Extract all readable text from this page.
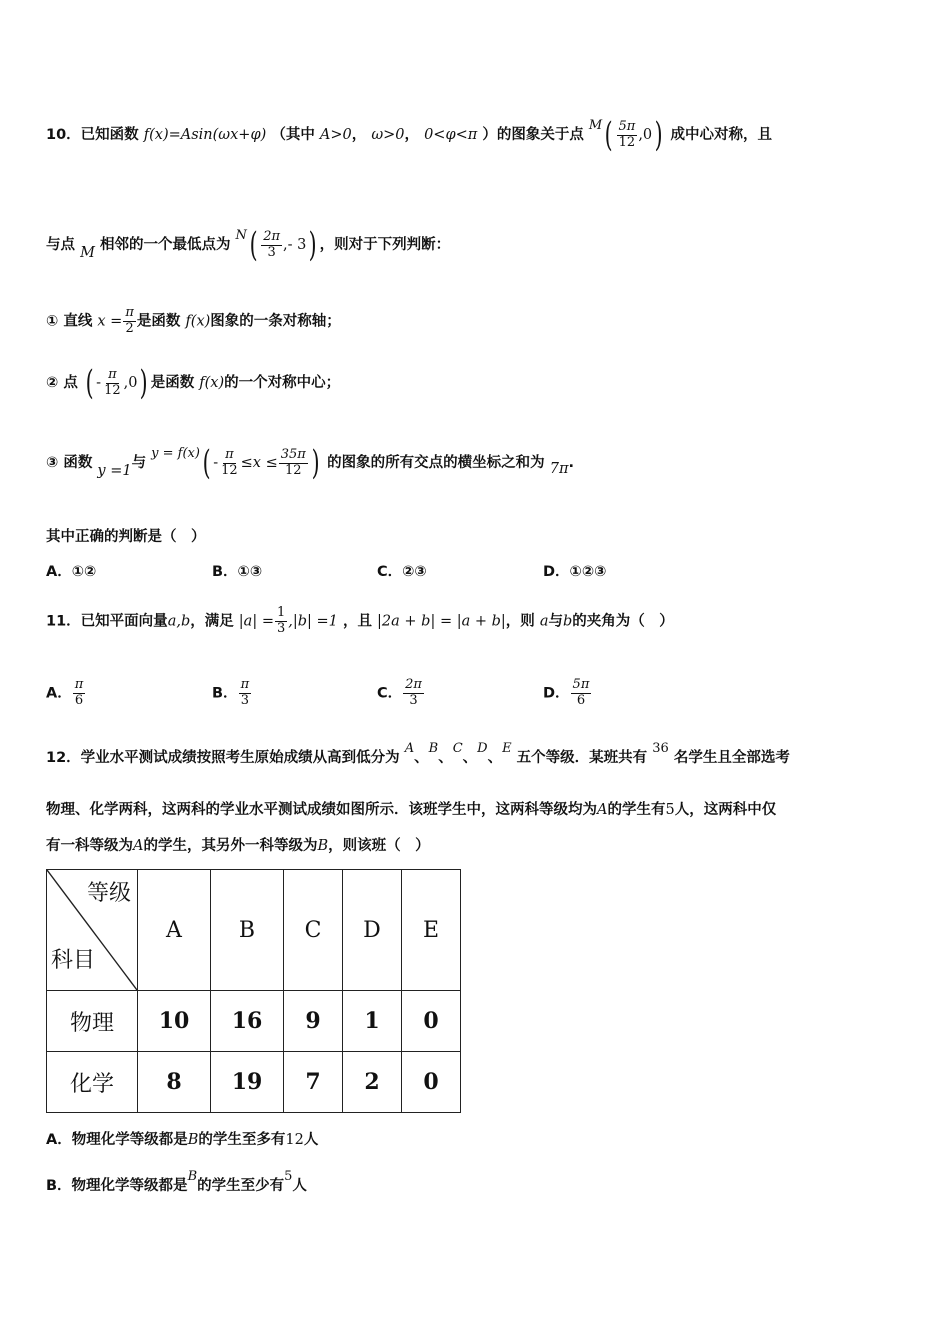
10．已知函数 f(x)=Asin(ωx+φ) （其中 A>0， ω>0， 0<φ<π ）的图象关于点 $M( \frac{5\pi}{12} ,0)$ 成中心对称，且
与点 M 相邻的一个最低点为 $N( \frac{2\pi}{3}$ ,- 3) ，则对于下列判断：
① 直线 $x = \frac{\pi}{2}$ 是函数 f(x)图象的一条对称轴；
② 点 ( - $\frac{\pi}{12} ,0$) 是函数 f(x)的一个对称中心；
③ 函数 y =1与 $y = f(x)( - \frac{\pi}{12} \le x \le \frac{35\pi}{12}$ ) 的图象的所有交点的横坐标之和为 7π.
其中正确的判断是（　）
A．①②	B．①③	C．②③	D．①②③
11．已知平面向量a,b，满足 $|a| = \frac{1}{3} ,|b| =1$ ，且 |2a + b| = |a + b|，则 a与b的夹角为（　）
A． $\frac{\pi}{6}$	B． $\frac{\pi}{3}$	C． $\frac{2\pi}{3}$	D． $\frac{5\pi}{6}$
12．学业水平测试成绩按照考生原始成绩从高到低分为 A、B、C、D、E 五个等级．某班共有 36 名学生且全部选考
物理、化学两科，这两科的学业水平测试成绩如图所示．该班学生中，这两科等级均为A的学生有5人，这两科中仅
有一科等级为A的学生，其另外一科等级为B，则该班（　）
等级
科目	A	B	C	D	E
物理	10	16	9	1	0
化学	8	19	7	2	0
A．物理化学等级都是B的学生至多有12人
B．物理化学等级都是B的学生至少有5人
